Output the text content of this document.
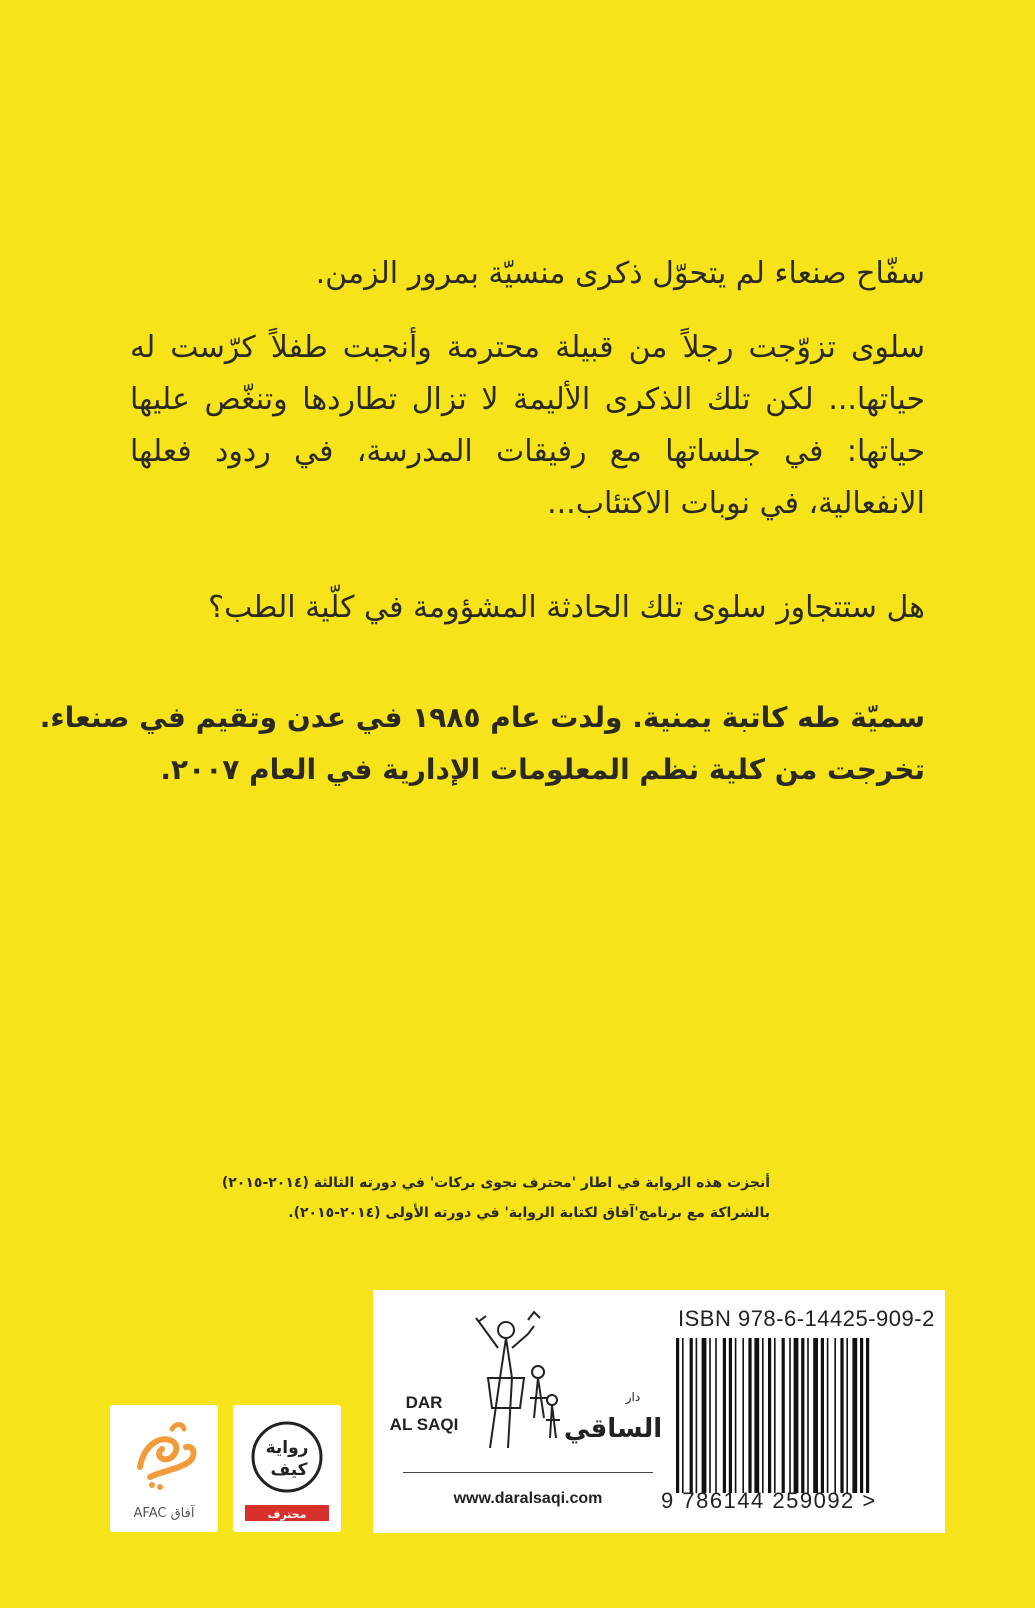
سفّاح صنعاء لم يتحوّل ذكرى منسيّة بمرور الزمن.

سلوى تزوّجت رجلاً من قبيلة محترمة وأنجبت طفلاً كرّست له حياتها... لكن تلك الذكرى الأليمة لا تزال تطاردها وتنغّص عليها حياتها: في جلساتها مع رفيقات المدرسة، في ردود فعلها الانفعالية، في نوبات الاكتئاب...

هل ستتجاوز سلوى تلك الحادثة المشؤومة في كلّية الطب؟

سميّة طه كاتبة يمنية. ولدت عام ١٩٨٥ في عدن وتقيم في صنعاء.
تخرجت من كلية نظم المعلومات الإدارية في العام ٢٠٠٧.
أنجزت هذه الرواية في اطار 'محترف نجوى بركات' في دورته الثالثة (٢٠١٤-٢٠١٥)
بالشراكة مع برنامج'آفاق لكتابة الرواية' في دورته الأولى (٢٠١٤-٢٠١٥).
AFAC آفاق
رواية
كيف
محترف
ISBN 978-6-14425-909-2
9 786144 259092 >
DAR
AL SAQI
دار
الساقي
www.daralsaqi.com
